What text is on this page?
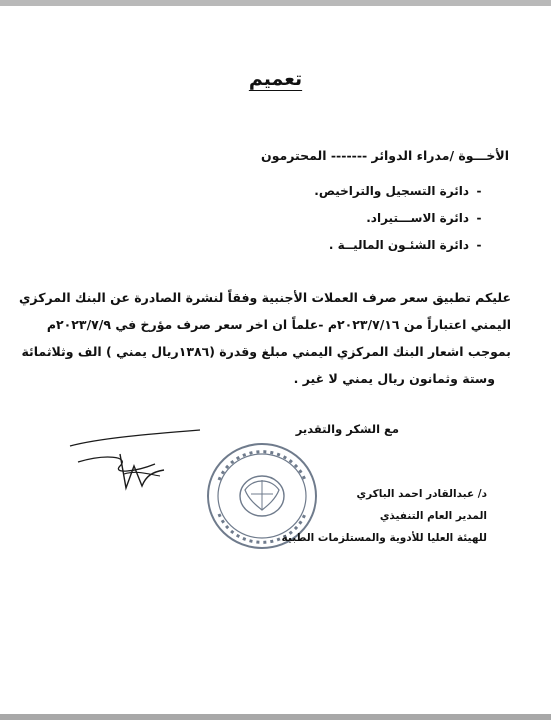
تعميم
الأخـــوة /مدراء الدوائر ------- المحترمون
-دائرة التسجيل والتراخيص.
-دائرة الاســـتيراد.
-دائرة الشئـون الماليــة .
عليكم تطبيق سعر صرف العملات الأجنبية وفقاً لنشرة الصادرة عن البنك المركزي
اليمني اعتباراً من ٢٠٢٣/٧/١٦م -علماً ان اخر سعر صرف مؤرخ في ٢٠٢٣/٧/٩م
بموجب اشعار البنك المركزي اليمني مبلغ وقدرة (١٣٨٦ريال يمني ) الف وثلاثمائة
وستة وثمانون ريال يمني لا غير .
مع الشكر والتقدير
د/ عبدالقادر احمد الباكري
المدير العام التنفيذي
للهيئة العليا للأدوية والمستلزمات الطبية
